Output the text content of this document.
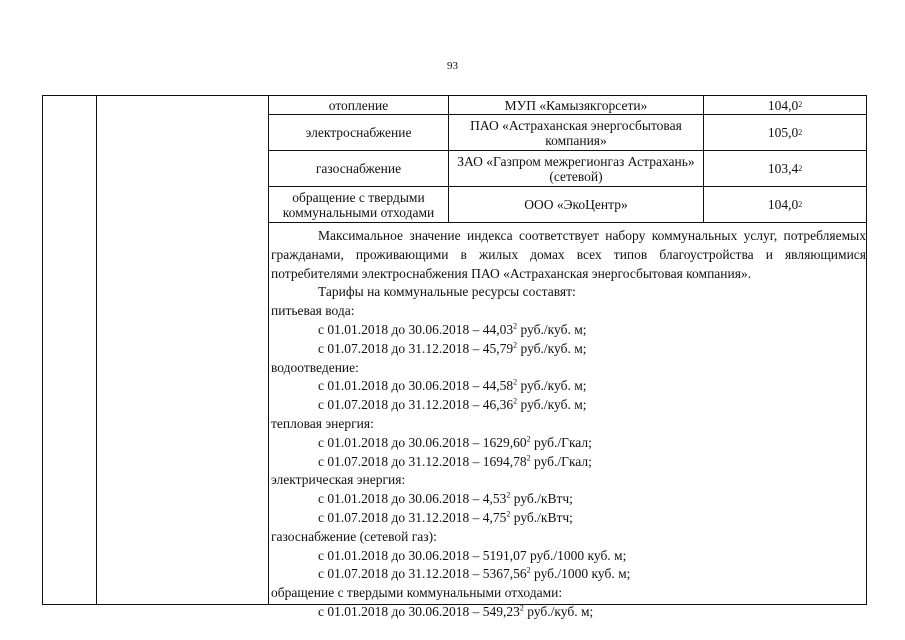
93
отопление	МУП «Камызякгорсети»	104,0 2
электроснабжение	ПАО «Астраханская энергосбытовая компания»	105,0 2
газоснабжение	ЗАО «Газпром межрегионгаз Астрахань» (сетевой)	103,4 2
обращение с твердыми коммунальными отходами	ООО «ЭкоЦентр»	104,0 2

Максимальное значение индекса соответствует набору коммунальных услуг, потребляемых гражданами, проживающими в жилых домах всех типов благоустройства и являющимися потребителями электроснабжения ПАО «Астраханская энергосбытовая компания».

Тарифы на коммунальные ресурсы составят:

питьевая вода:

с 01.01.2018 до 30.06.2018 – 44,03$^2$ руб./куб. м;

с 01.07.2018 до 31.12.2018 – 45,79$^2$ руб./куб. м;

водоотведение:

с 01.01.2018 до 30.06.2018 – 44,58$^2$ руб./куб. м;

с 01.07.2018 до 31.12.2018 – 46,36$^2$ руб./куб. м;

тепловая энергия:

с 01.01.2018 до 30.06.2018 – 1629,60$^2$ руб./Гкал;

с 01.07.2018 до 31.12.2018 – 1694,78$^2$ руб./Гкал;

электрическая энергия:

с 01.01.2018 до 30.06.2018 – 4,53$^2$ руб./кВтч;

с 01.07.2018 до 31.12.2018 – 4,75$^2$ руб./кВтч;

газоснабжение (сетевой газ):

с 01.01.2018 до 30.06.2018 – 5191,07 руб./1000 куб. м;

с 01.07.2018 до 31.12.2018 – 5367,56$^2$ руб./1000 куб. м;

обращение с твердыми коммунальными отходами:

с 01.01.2018 до 30.06.2018 – 549,23$^2$ руб./куб. м;
